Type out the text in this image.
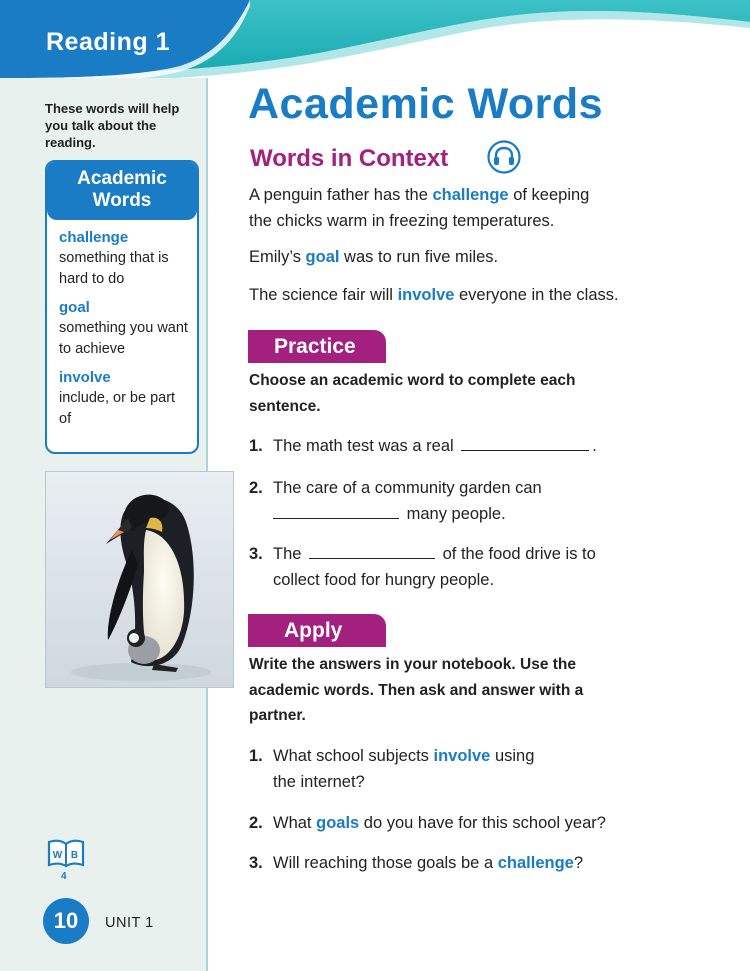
Reading 1
These words will help you talk about the reading.
Academic
Words
challenge
something that is hard to do
goal
something you want to achieve
involve
include, or be part of
W B
4
10	UNIT 1
Academic Words
Words in Context
A penguin father has the challenge of keeping
the chicks warm in freezing temperatures.
Emily’s goal was to run five miles.
The science fair will involve everyone in the class.
Practice
Choose an academic word to complete each
sentence.
1. The math test was a real	.
2. The care of a community garden can
many people.
3. The	of the food drive is to
collect food for hungry people.
Apply
Write the answers in your notebook. Use the
academic words. Then ask and answer with a
partner.
1. What school subjects involve using
the internet?
2. What goals do you have for this school year?
3. Will reaching those goals be a challenge?
